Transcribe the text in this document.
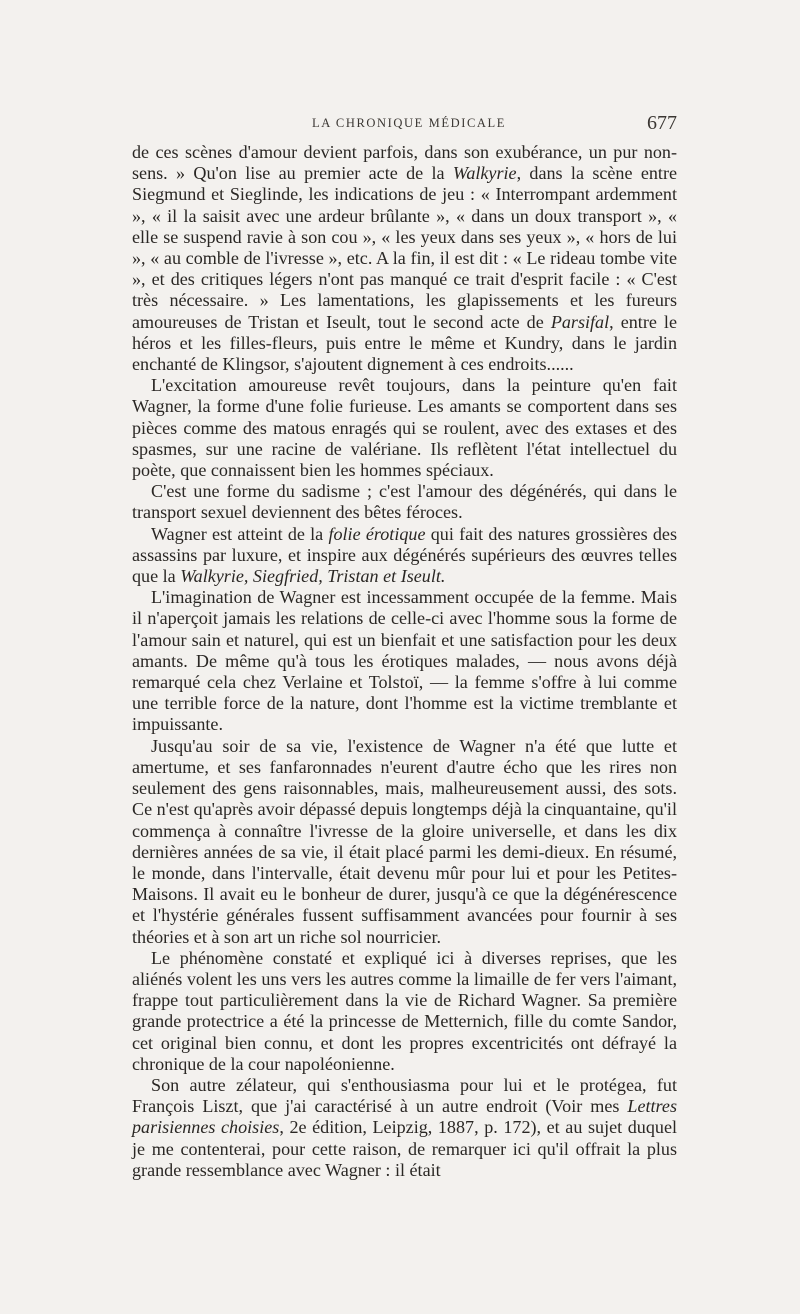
LA CHRONIQUE MÉDICALE	677

de ces scènes d'amour devient parfois, dans son exubérance, un pur non-sens. » Qu'on lise au premier acte de la Walkyrie, dans la scène entre Siegmund et Sieglinde, les indications de jeu : « Interrompant ardemment », « il la saisit avec une ardeur brûlante », « dans un doux transport », « elle se suspend ravie à son cou », « les yeux dans ses yeux », « hors de lui », « au comble de l'ivresse », etc. A la fin, il est dit : « Le rideau tombe vite », et des critiques légers n'ont pas manqué ce trait d'esprit facile : « C'est très nécessaire. » Les lamentations, les glapissements et les fureurs amoureuses de Tristan et Iseult, tout le second acte de Parsifal, entre le héros et les filles-fleurs, puis entre le même et Kundry, dans le jardin enchanté de Klingsor, s'ajoutent dignement à ces endroits......

L'excitation amoureuse revêt toujours, dans la peinture qu'en fait Wagner, la forme d'une folie furieuse. Les amants se comportent dans ses pièces comme des matous enragés qui se roulent, avec des extases et des spasmes, sur une racine de valériane. Ils reflètent l'état intellectuel du poète, que connaissent bien les hommes spéciaux.

C'est une forme du sadisme ; c'est l'amour des dégénérés, qui dans le transport sexuel deviennent des bêtes féroces.

Wagner est atteint de la folie érotique qui fait des natures grossières des assassins par luxure, et inspire aux dégénérés supérieurs des œuvres telles que la Walkyrie, Siegfried, Tristan et Iseult.

L'imagination de Wagner est incessamment occupée de la femme. Mais il n'aperçoit jamais les relations de celle-ci avec l'homme sous la forme de l'amour sain et naturel, qui est un bienfait et une satisfaction pour les deux amants. De même qu'à tous les érotiques malades, — nous avons déjà remarqué cela chez Verlaine et Tolstoï, — la femme s'offre à lui comme une terrible force de la nature, dont l'homme est la victime tremblante et impuissante.

Jusqu'au soir de sa vie, l'existence de Wagner n'a été que lutte et amertume, et ses fanfaronnades n'eurent d'autre écho que les rires non seulement des gens raisonnables, mais, malheureusement aussi, des sots. Ce n'est qu'après avoir dépassé depuis longtemps déjà la cinquantaine, qu'il commença à connaître l'ivresse de la gloire universelle, et dans les dix dernières années de sa vie, il était placé parmi les demi-dieux. En résumé, le monde, dans l'intervalle, était devenu mûr pour lui et pour les Petites-Maisons. Il avait eu le bonheur de durer, jusqu'à ce que la dégénérescence et l'hystérie générales fussent suffisamment avancées pour fournir à ses théories et à son art un riche sol nourricier.

Le phénomène constaté et expliqué ici à diverses reprises, que les aliénés volent les uns vers les autres comme la limaille de fer vers l'aimant, frappe tout particulièrement dans la vie de Richard Wagner. Sa première grande protectrice a été la princesse de Metternich, fille du comte Sandor, cet original bien connu, et dont les propres excentricités ont défrayé la chronique de la cour napoléonienne.

Son autre zélateur, qui s'enthousiasma pour lui et le protégea, fut François Liszt, que j'ai caractérisé à un autre endroit (Voir mes Lettres parisiennes choisies, 2e édition, Leipzig, 1887, p. 172), et au sujet duquel je me contenterai, pour cette raison, de remarquer ici qu'il offrait la plus grande ressemblance avec Wagner : il était
